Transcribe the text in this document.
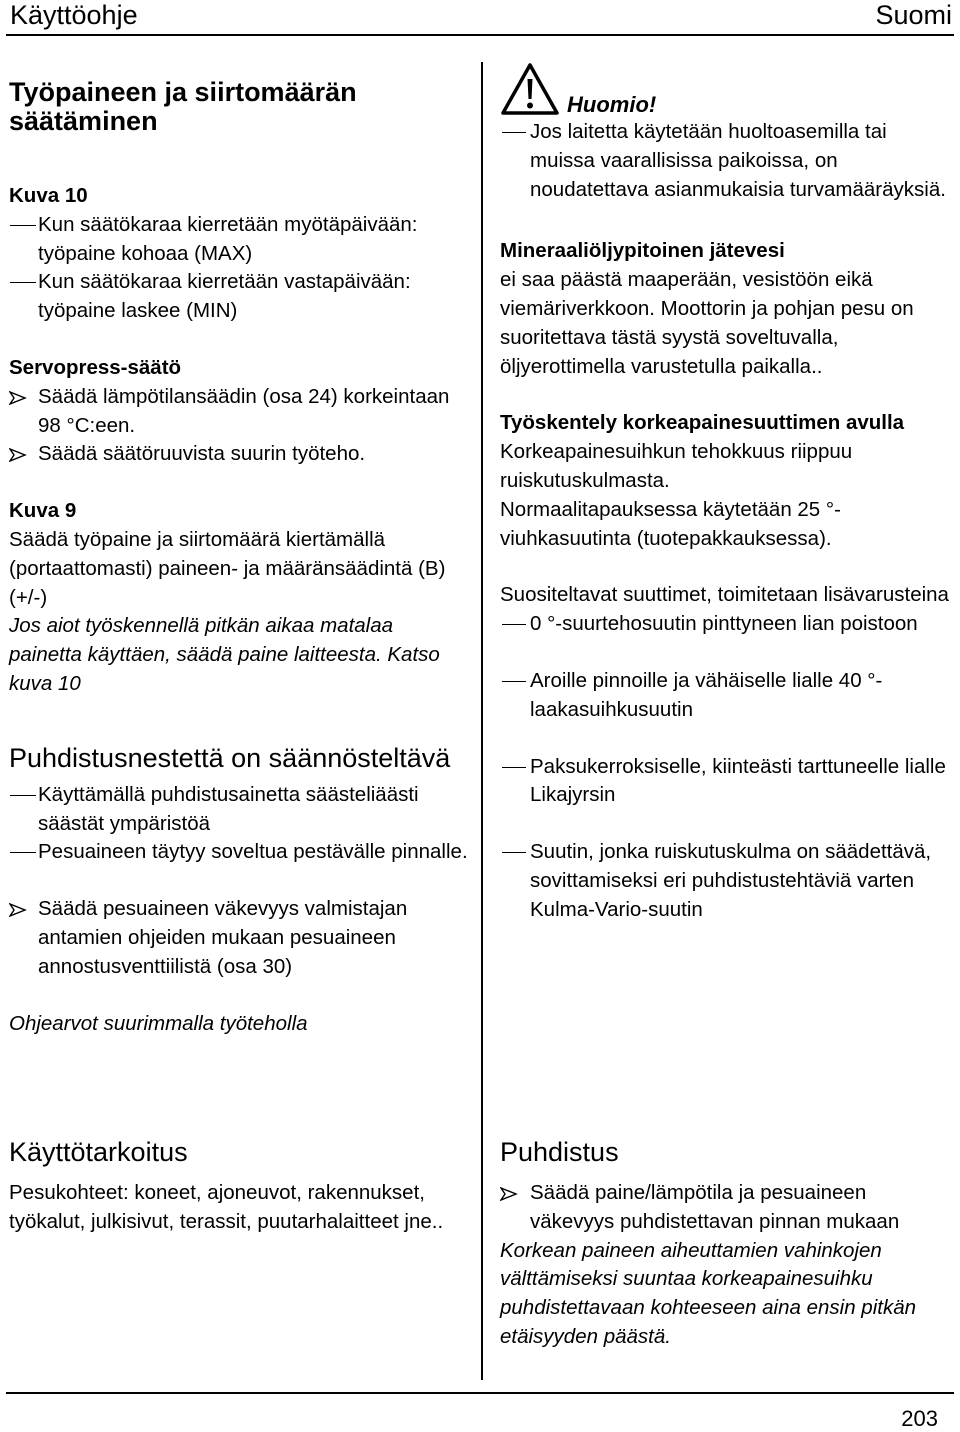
Käyttöohje	Suomi

Työpaineen ja siirtomäärän säätäminen

Kuva 10

Kun säätökaraa kierretään myötäpäivään: työpaine kohoaa (MAX)
Kun säätökaraa kierretään vastapäivään: työpaine laskee (MIN)

Servopress-säätö

Säädä lämpötilansäädin (osa 24) korkeintaan 98 °C:een.
Säädä säätöruuvista suurin työteho.

Kuva 9

Säädä työpaine ja siirtomäärä kiertämällä (portaattomasti) paineen- ja määränsäädintä (B) (+/-)

Jos aiot työskennellä pitkän aikaa matalaa painetta käyttäen, säädä paine laitteesta. Katso kuva 10

Puhdistusnestettä on säännösteltävä

Käyttämällä puhdistusainetta säästeliäästi säästät ympäristöä
Pesuaineen täytyy soveltua pestävälle pinnalle.
Säädä pesuaineen väkevyys valmistajan antamien ohjeiden mukaan pesuaineen annostusventtiilistä (osa 30)

Ohjearvot suurimmalla työteholla

Käyttötarkoitus

Pesukohteet: koneet, ajoneuvot, rakennukset, työkalut, julkisivut, terassit, puutarhalaitteet jne..

Huomio!
Jos laitetta käytetään huoltoasemilla tai muissa vaarallisissa paikoissa, on noudatettava asianmukaisia turvamääräyksiä.

Mineraaliöljypitoinen jätevesi

ei saa päästä maaperään, vesistöön eikä viemäriverkkoon. Moottorin ja pohjan pesu on suoritettava tästä syystä soveltuvalla, öljyerottimella varustetulla paikalla..

Työskentely korkeapainesuuttimen avulla

Korkeapainesuihkun tehokkuus riippuu ruiskutuskulmasta.

Normaalitapauksessa käytetään 25 °-viuhkasuutinta (tuotepakkauksessa).

Suositeltavat suuttimet, toimitetaan lisävarusteina

0 °-suurtehosuutin pinttyneen lian poistoon
Aroille pinnoille ja vähäiselle lialle 40 °-laakasuihkusuutin
Paksukerroksiselle, kiinteästi tarttuneelle lialle Likajyrsin
Suutin, jonka ruiskutuskulma on säädettävä, sovittamiseksi eri puhdistustehtäviä varten Kulma-Vario-suutin

Puhdistus

Säädä paine/lämpötila ja pesuaineen väkevyys puhdistettavan pinnan mukaan

Korkean paineen aiheuttamien vahinkojen välttämiseksi suuntaa korkeapainesuihku puhdistettavaan kohteeseen aina ensin pitkän etäisyyden päästä.

203
